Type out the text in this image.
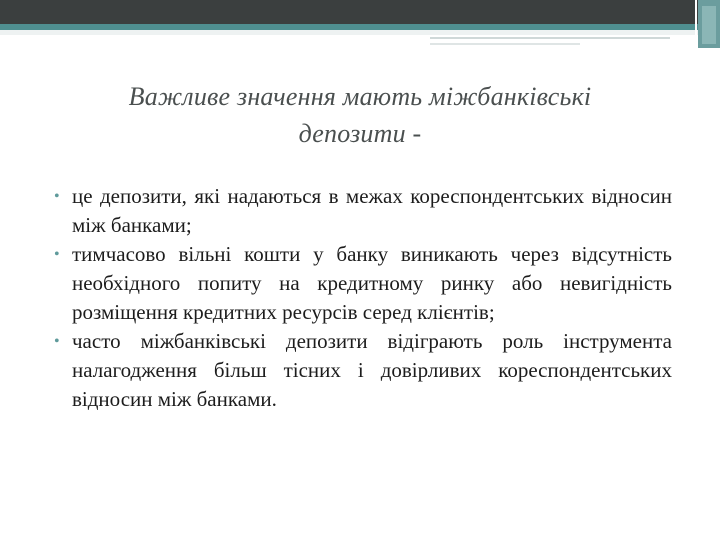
Важливе значення мають міжбанківські
депозити -
• це депозити, які надаються в межах кореспондентських відносин між банками;
• тимчасово вільні кошти у банку виникають через відсутність необхідного попиту на кредитному ринку або невигідність розміщення кредитних ресурсів серед клієнтів;
• часто міжбанківські депозити відіграють роль інструмента налагодження більш тісних і довірливих кореспондентських відносин між банками.
